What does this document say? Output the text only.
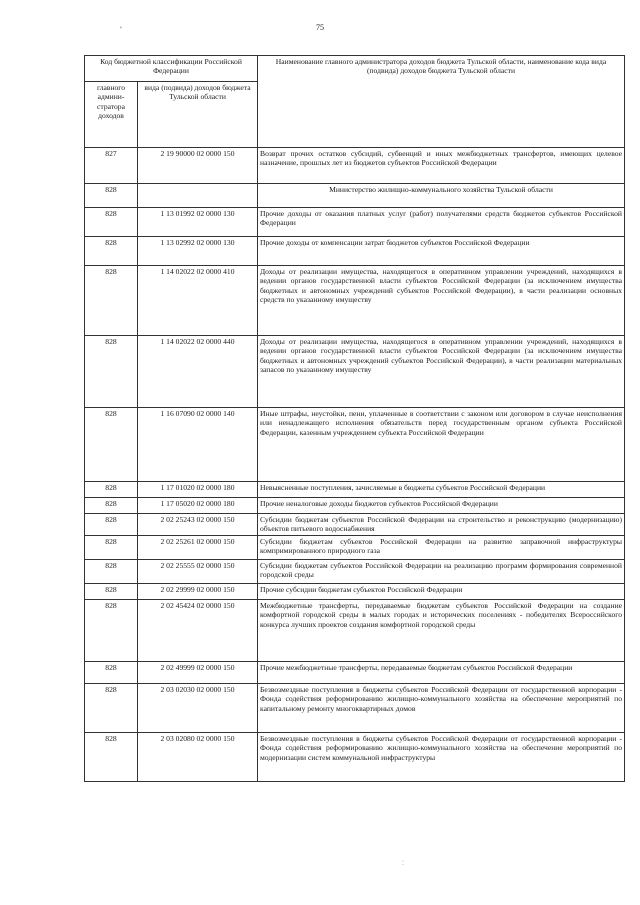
75
ᵉ
⁚
Код бюджетной классификации Российской Федерации		Наименование главного администратора доходов бюджета Тульской области, наименование кода вида (подвида) доходов бюджета Тульской области
главного админи-стратора доходов	вида (подвида) доходов бюджета Тульской области	
827	2 19 90000 02 0000 150	Возврат прочих остатков субсидий, субвенций и иных межбюджетных трансфертов, имеющих целевое назначение, прошлых лет из бюджетов субъектов Российской Федерации
828		Министерство жилищно-коммунального хозяйства Тульской области
828	1 13 01992 02 0000 130	Прочие доходы от оказания платных услуг (работ) получателями средств бюджетов субъектов Российской Федерации
828	1 13 02992 02 0000 130	Прочие доходы от компенсации затрат бюджетов субъектов Российской Федерации
828	1 14 02022 02 0000 410	Доходы от реализации имущества, находящегося в оперативном управлении учреждений, находящихся в ведении органов государственной власти субъектов Российской Федерации (за исключением имущества бюджетных и автономных учреждений субъектов Российской Федерации), в части реализации основных средств по указанному имуществу
828	1 14 02022 02 0000 440	Доходы от реализации имущества, находящегося в оперативном управлении учреждений, находящихся в ведении органов государственной власти субъектов Российской Федерации (за исключением имущества бюджетных и автономных учреждений субъектов Российской Федерации), в части реализации материальных запасов по указанному имуществу
828	1 16 07090 02 0000 140	Иные штрафы, неустойки, пени, уплаченные в соответствии с законом или договором в случае неисполнения или ненадлежащего исполнения обязательств перед государственным органом субъекта Российской Федерации, казенным учреждением субъекта Российской Федерации
828	1 17 01020 02 0000 180	Невыясненные поступления, зачисляемые в бюджеты субъектов Российской Федерации
828	1 17 05020 02 0000 180	Прочие неналоговые доходы бюджетов субъектов Российской Федерации
828	2 02 25243 02 0000 150	Субсидии бюджетам субъектов Российской Федерации на строительство и реконструкцию (модернизацию) объектов питьевого водоснабжения
828	2 02 25261 02 0000 150	Субсидии бюджетам субъектов Российской Федерации на развитие заправочной инфраструктуры компримированного природного газа
828	2 02 25555 02 0000 150	Субсидии бюджетам субъектов Российской Федерации на реализацию программ формирования современной городской среды
828	2 02 29999 02 0000 150	Прочие субсидии бюджетам субъектов Российской Федерации
828	2 02 45424 02 0000 150	Межбюджетные трансферты, передаваемые бюджетам субъектов Российской Федерации на создание комфортной городской среды в малых городах и исторических поселениях - победителях Всероссийского конкурса лучших проектов создания комфортной городской среды
828	2 02 49999 02 0000 150	Прочие межбюджетные трансферты, передаваемые бюджетам субъектов Российской Федерации
828	2 03 02030 02 0000 150	Безвозмездные поступления в бюджеты субъектов Российской Федерации от государственной корпорации - Фонда содействия реформированию жилищно-коммунального хозяйства на обеспечение мероприятий по капитальному ремонту многоквартирных домов
828	2 03 02080 02 0000 150	Безвозмездные поступления в бюджеты субъектов Российской Федерации от государственной корпорации - Фонда содействия реформированию жилищно-коммунального хозяйства на обеспечение мероприятий по модернизации систем коммунальной инфраструктуры
